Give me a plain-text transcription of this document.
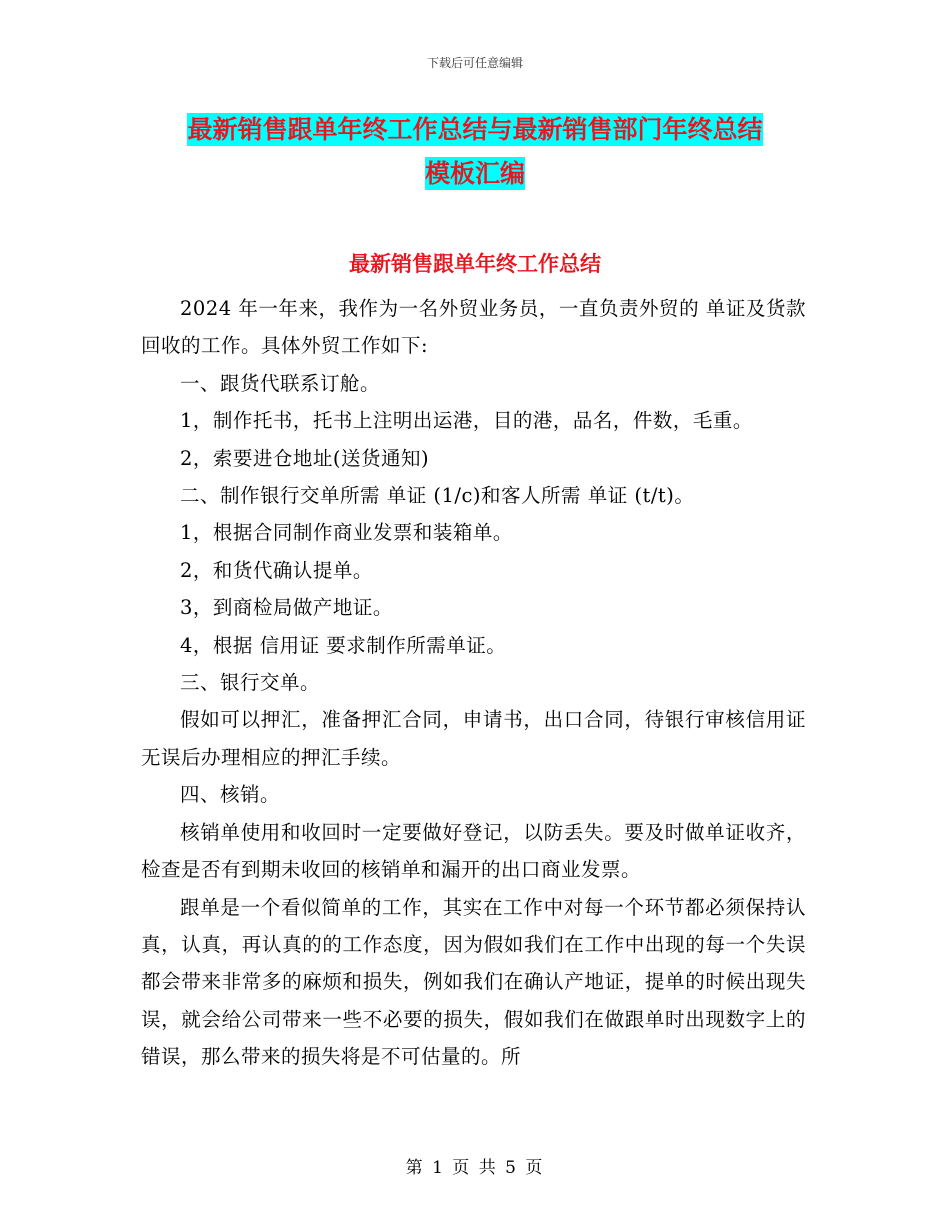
下载后可任意编辑
最新销售跟单年终工作总结与最新销售部门年终总结
模板汇编
最新销售跟单年终工作总结

2024 年一年来，我作为一名外贸业务员，一直负责外贸的 单证及货款回收的工作。具体外贸工作如下:

一、跟货代联系订舱。

1，制作托书，托书上注明出运港，目的港，品名，件数，毛重。

2，索要进仓地址(送货通知)

二、制作银行交单所需 单证 (1/c)和客人所需 单证 (t/t)。

1，根据合同制作商业发票和装箱单。

2，和货代确认提单。

3，到商检局做产地证。

4，根据 信用证 要求制作所需单证。

三、银行交单。

假如可以押汇，准备押汇合同，申请书，出口合同，待银行审核信用证 无误后办理相应的押汇手续。

四、核销。

核销单使用和收回时一定要做好登记，以防丢失。要及时做单证收齐，检查是否有到期未收回的核销单和漏开的出口商业发票。

跟单是一个看似简单的工作，其实在工作中对每一个环节都必须保持认真，认真，再认真的的工作态度，因为假如我们在工作中出现的每一个失误都会带来非常多的麻烦和损失，例如我们在确认产地证，提单的时候出现失误，就会给公司带来一些不必要的损失，假如我们在做跟单时出现数字上的错误，那么带来的损失将是不可估量的。所

第 1 页 共 5 页
